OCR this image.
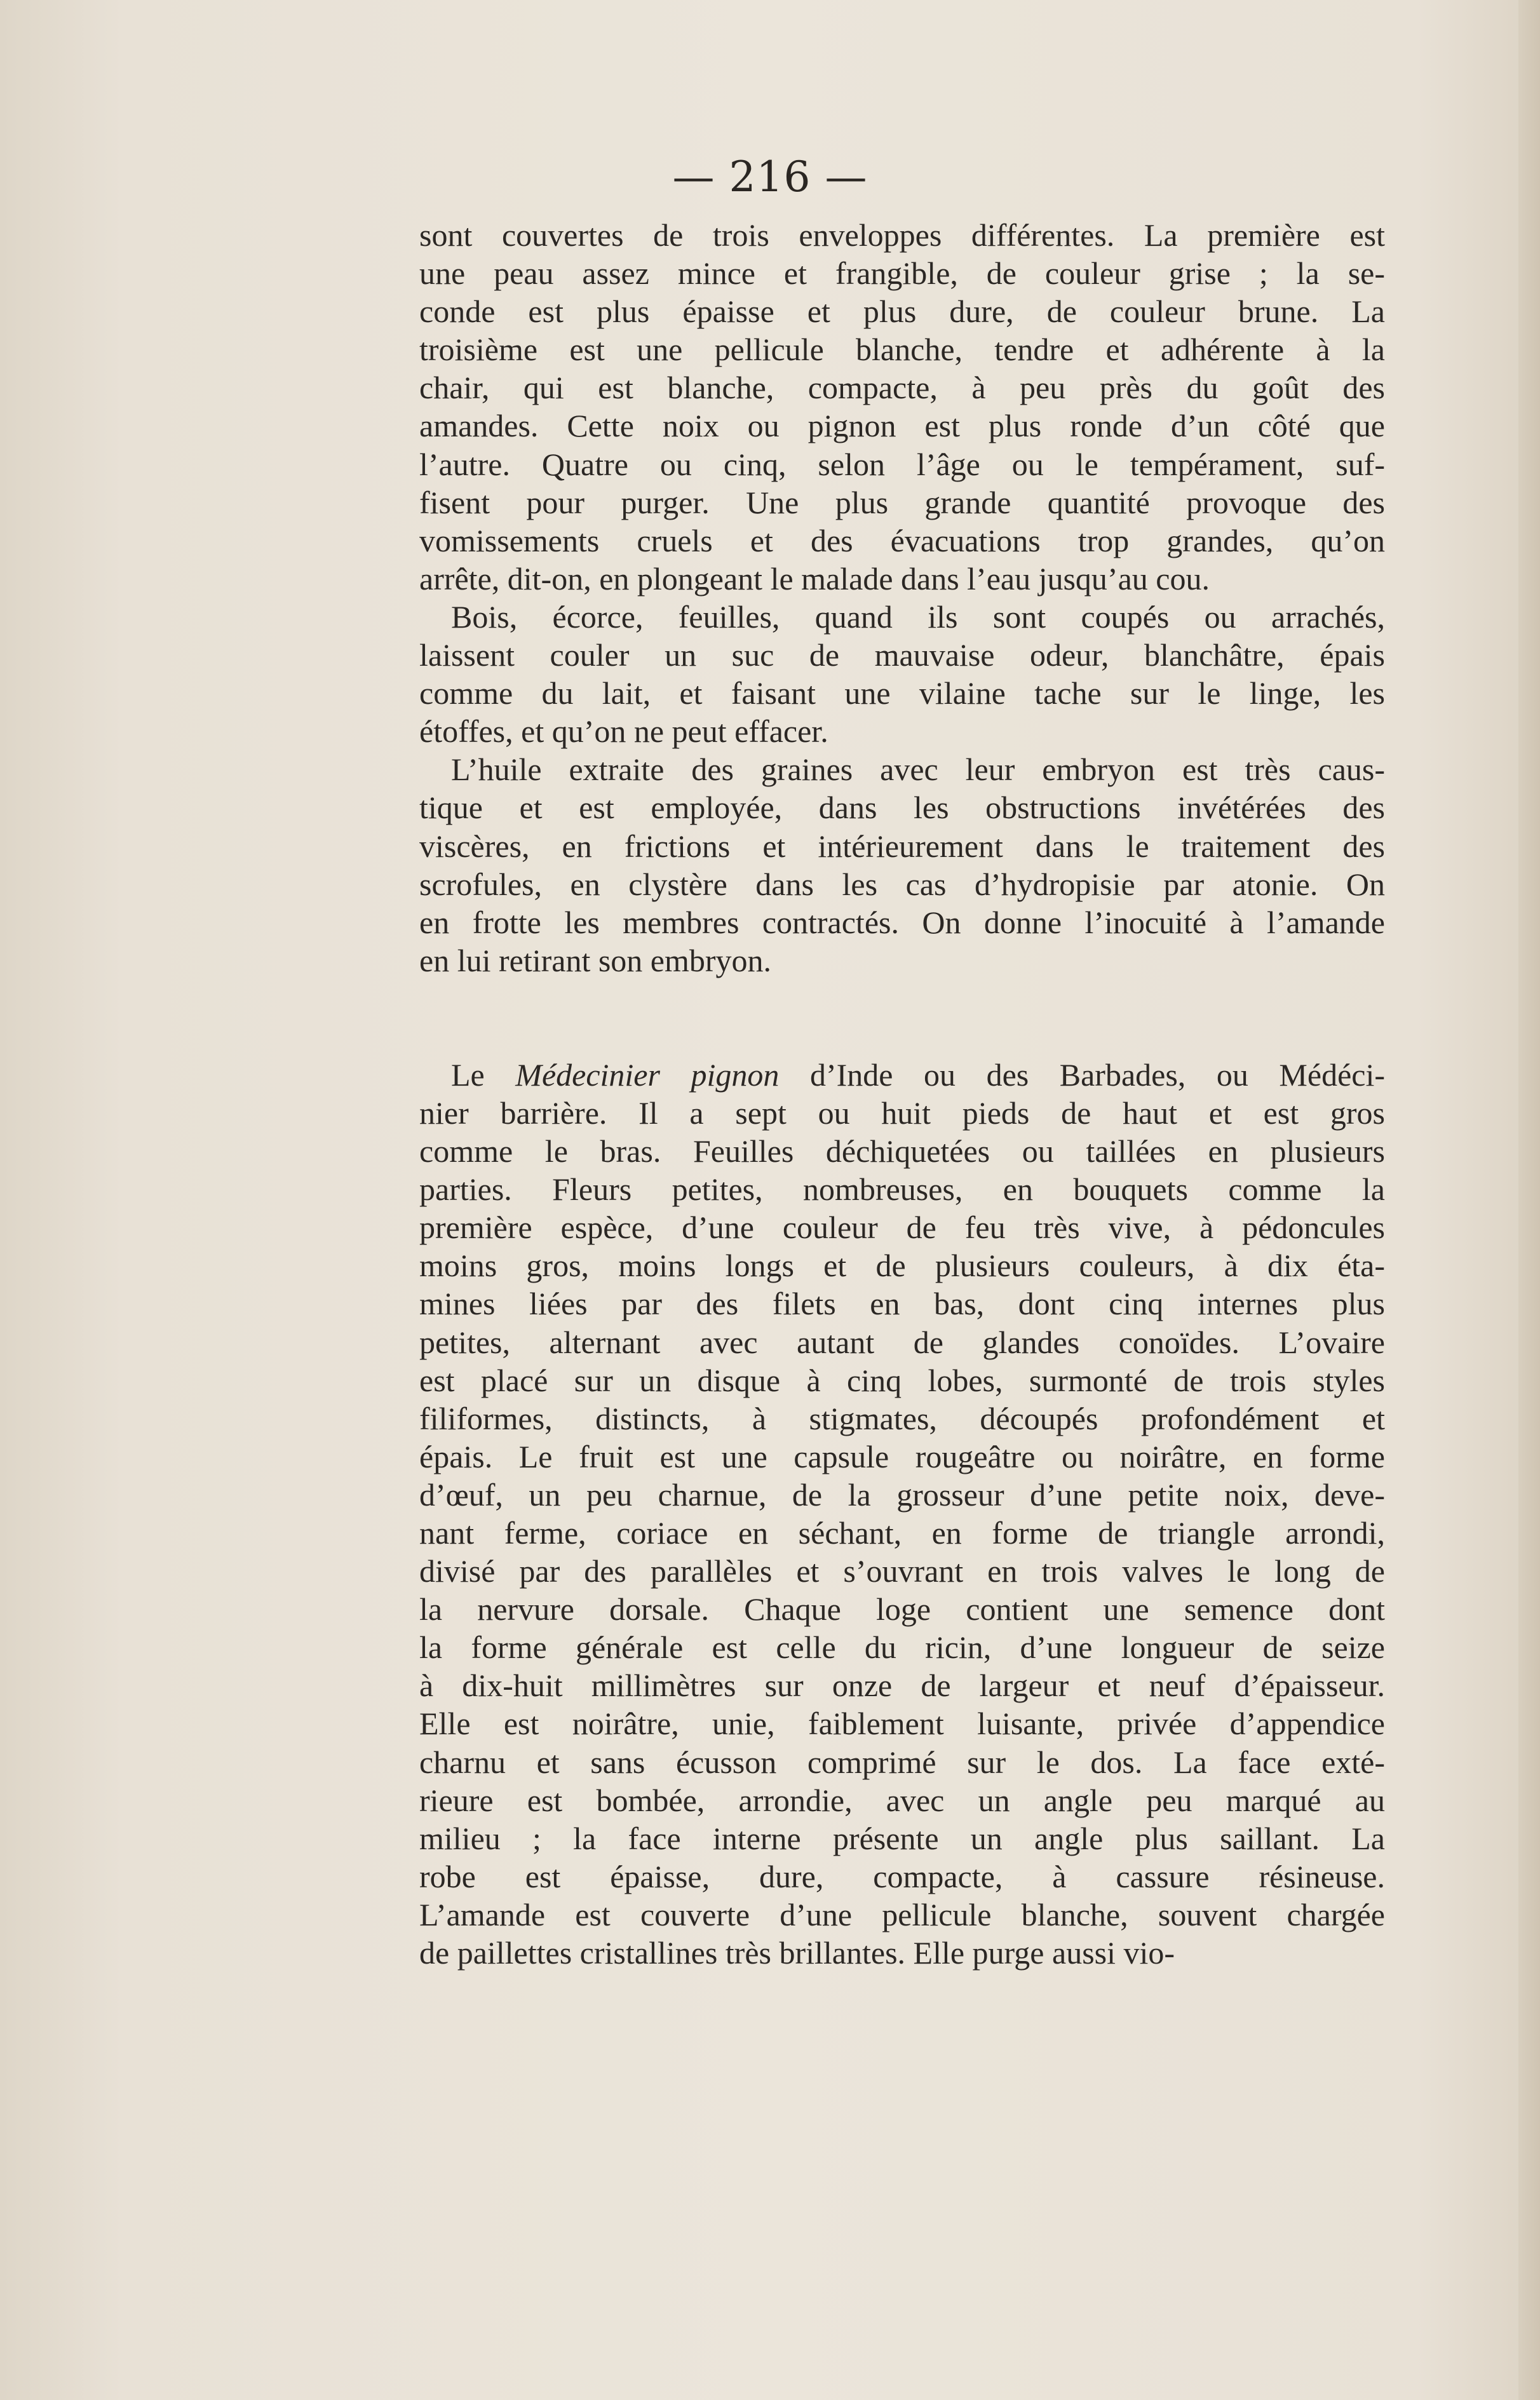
— 216 —
sont couvertes de trois enveloppes différentes. La première est
une peau assez mince et frangible, de couleur grise ; la se-
conde est plus épaisse et plus dure, de couleur brune. La
troisième est une pellicule blanche, tendre et adhérente à la
chair, qui est blanche, compacte, à peu près du goût des
amandes. Cette noix ou pignon est plus ronde d’un côté que
l’autre. Quatre ou cinq, selon l’âge ou le tempérament, suf-
fisent pour purger. Une plus grande quantité provoque des
vomissements cruels et des évacuations trop grandes, qu’on
arrête, dit-on, en plongeant le malade dans l’eau jusqu’au cou.
Bois, écorce, feuilles, quand ils sont coupés ou arrachés,
laissent couler un suc de mauvaise odeur, blanchâtre, épais
comme du lait, et faisant une vilaine tache sur le linge, les
étoffes, et qu’on ne peut effacer.
L’huile extraite des graines avec leur embryon est très caus-
tique et est employée, dans les obstructions invétérées des
viscères, en frictions et intérieurement dans le traitement des
scrofules, en clystère dans les cas d’hydropisie par atonie. On
en frotte les membres contractés. On donne l’inocuité à l’amande
en lui retirant son embryon.
Le Médecinier pignon d’Inde ou des Barbades, ou Médéci-
nier barrière. Il a sept ou huit pieds de haut et est gros
comme le bras. Feuilles déchiquetées ou taillées en plusieurs
parties. Fleurs petites, nombreuses, en bouquets comme la
première espèce, d’une couleur de feu très vive, à pédoncules
moins gros, moins longs et de plusieurs couleurs, à dix éta-
mines liées par des filets en bas, dont cinq internes plus
petites, alternant avec autant de glandes conoïdes. L’ovaire
est placé sur un disque à cinq lobes, surmonté de trois styles
filiformes, distincts, à stigmates, découpés profondément et
épais. Le fruit est une capsule rougeâtre ou noirâtre, en forme
d’œuf, un peu charnue, de la grosseur d’une petite noix, deve-
nant ferme, coriace en séchant, en forme de triangle arrondi,
divisé par des parallèles et s’ouvrant en trois valves le long de
la nervure dorsale. Chaque loge contient une semence dont
la forme générale est celle du ricin, d’une longueur de seize
à dix-huit millimètres sur onze de largeur et neuf d’épaisseur.
Elle est noirâtre, unie, faiblement luisante, privée d’appendice
charnu et sans écusson comprimé sur le dos. La face exté-
rieure est bombée, arrondie, avec un angle peu marqué au
milieu ; la face interne présente un angle plus saillant. La
robe est épaisse, dure, compacte, à cassure résineuse.
L’amande est couverte d’une pellicule blanche, souvent chargée
de paillettes cristallines très brillantes. Elle purge aussi vio-
